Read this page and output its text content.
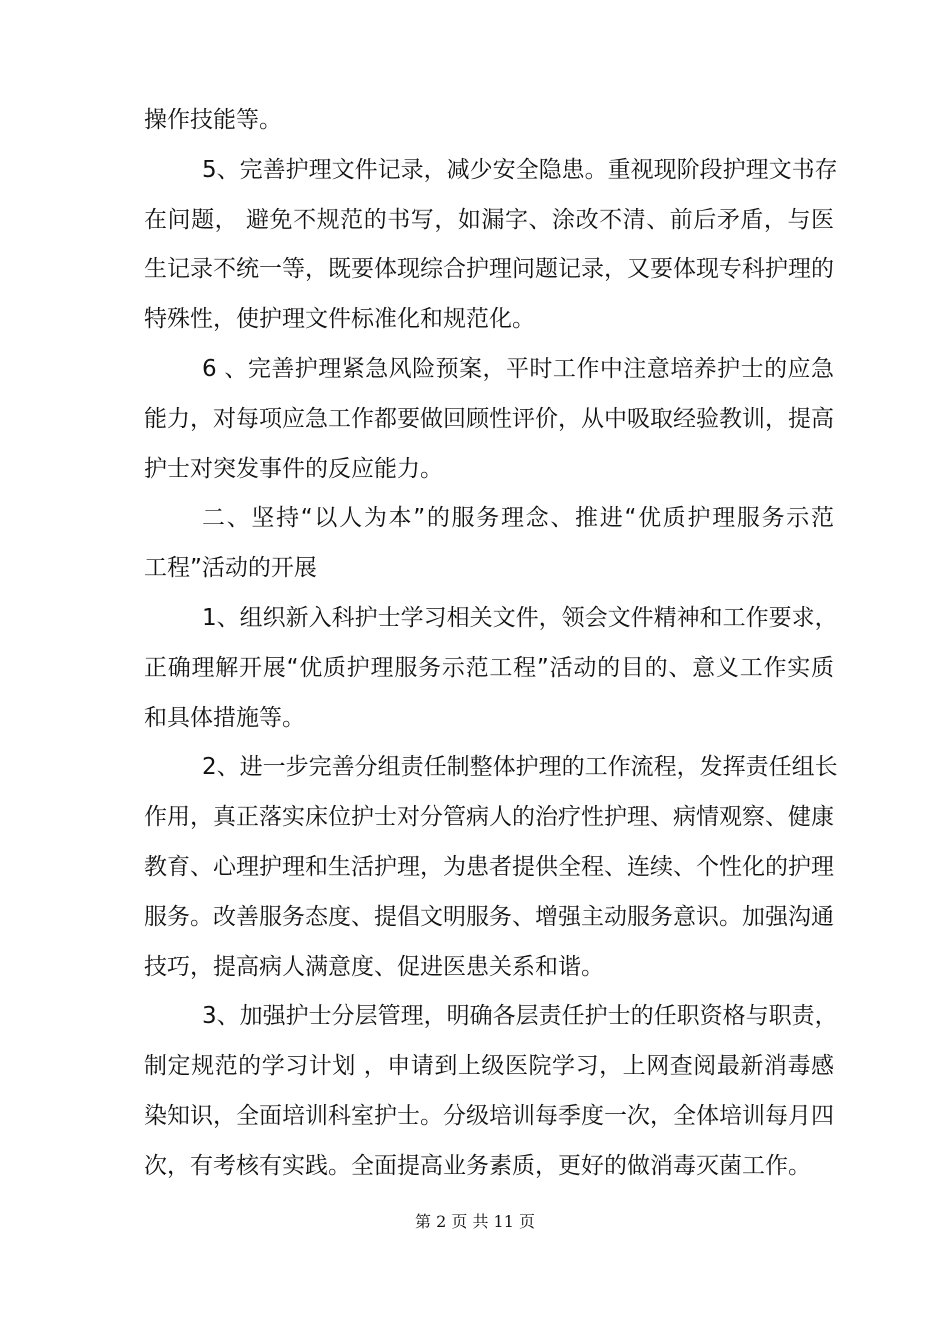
操作技能等。
5、完善护理文件记录，减少安全隐患。重视现阶段护理文书存
在问题， 避免不规范的书写，如漏字、涂改不清、前后矛盾，与医
生记录不统一等，既要体现综合护理问题记录，又要体现专科护理的
特殊性，使护理文件标准化和规范化。
6 、完善护理紧急风险预案，平时工作中注意培养护士的应急
能力，对每项应急工作都要做回顾性评价，从中吸取经验教训，提高
护士对突发事件的反应能力。
二、坚持“以人为本”的服务理念、推进“优质护理服务示范
工程”活动的开展
1、组织新入科护士学习相关文件，领会文件精神和工作要求，
正确理解开展“优质护理服务示范工程”活动的目的、意义工作实质
和具体措施等。
2、进一步完善分组责任制整体护理的工作流程，发挥责任组长
作用，真正落实床位护士对分管病人的治疗性护理、病情观察、健康
教育、心理护理和生活护理，为患者提供全程、连续、个性化的护理
服务。改善服务态度、提倡文明服务、增强主动服务意识。加强沟通
技巧，提高病人满意度、促进医患关系和谐。
3、加强护士分层管理，明确各层责任护士的任职资格与职责，
制定规范的学习计划 ，申请到上级医院学习，上网查阅最新消毒感
染知识，全面培训科室护士。分级培训每季度一次，全体培训每月四
次，有考核有实践。全面提高业务素质，更好的做消毒灭菌工作。
第 2 页 共 11 页
